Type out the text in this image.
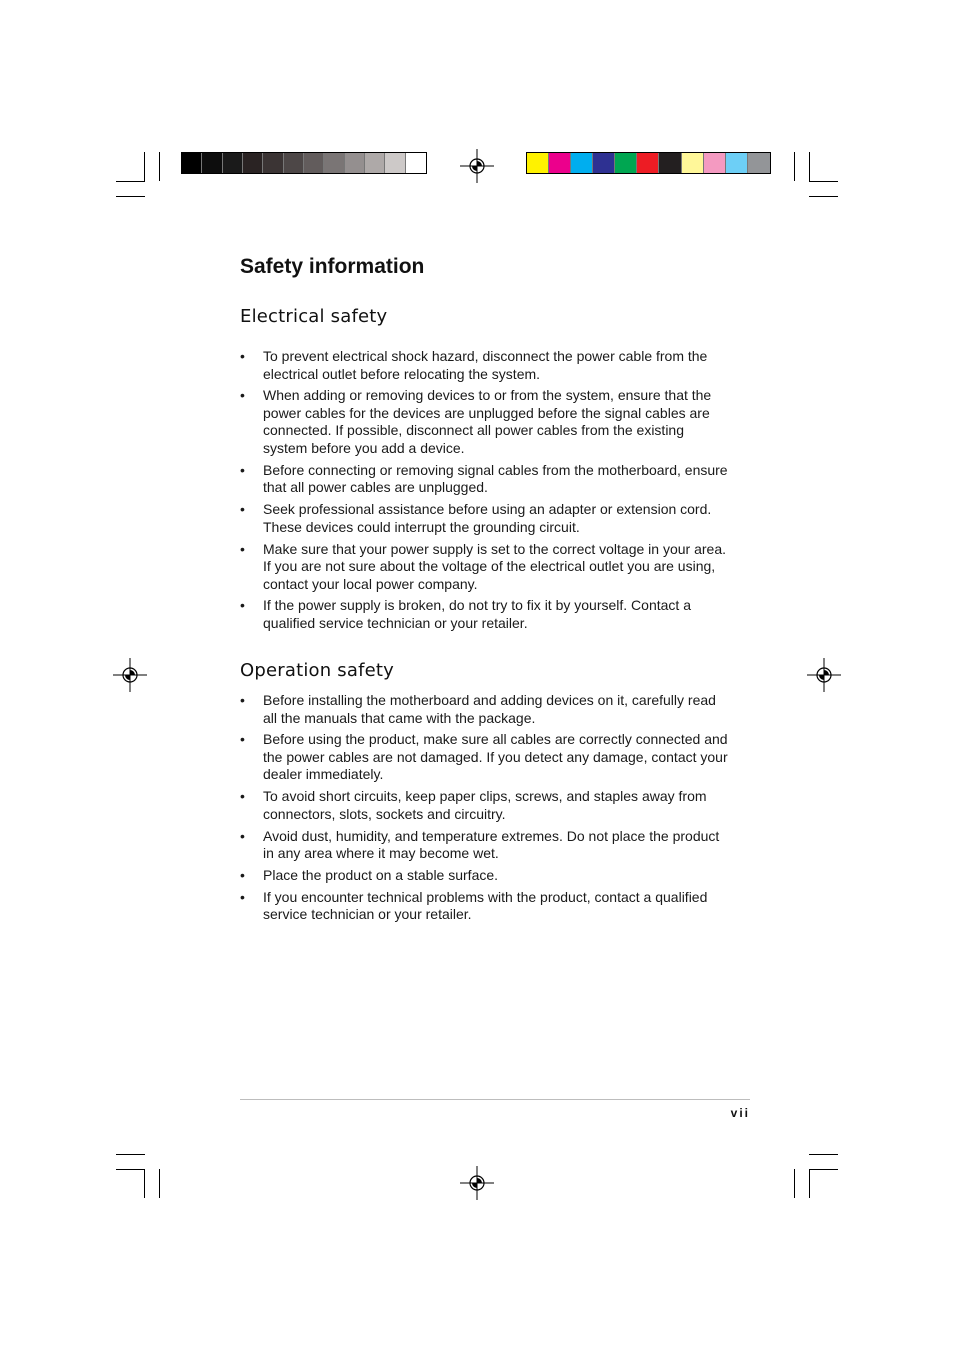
Safety information
Electrical safety
• To prevent electrical shock hazard, disconnect the power cable from the electrical outlet before relocating the system.
• When adding or removing devices to or from the system, ensure that the power cables for the devices are unplugged before the signal cables are connected. If possible, disconnect all power cables from the existing system before you add a device.
• Before connecting or removing signal cables from the motherboard, ensure that all power cables are unplugged.
• Seek professional assistance before using an adapter or extension cord. These devices could interrupt the grounding circuit.
• Make sure that your power supply is set to the correct voltage in your area. If you are not sure about the voltage of the electrical outlet you are using, contact your local power company.
• If the power supply is broken, do not try to fix it by yourself. Contact a qualified service technician or your retailer.
Operation safety
• Before installing the motherboard and adding devices on it, carefully read all the manuals that came with the package.
• Before using the product, make sure all cables are correctly connected and the power cables are not damaged. If you detect any damage, contact your dealer immediately.
• To avoid short circuits, keep paper clips, screws, and staples away from connectors, slots, sockets and circuitry.
• Avoid dust, humidity, and temperature extremes. Do not place the product in any area where it may become wet.
• Place the product on a stable surface.
• If you encounter technical problems with the product, contact a qualified service technician or your retailer.
vii
